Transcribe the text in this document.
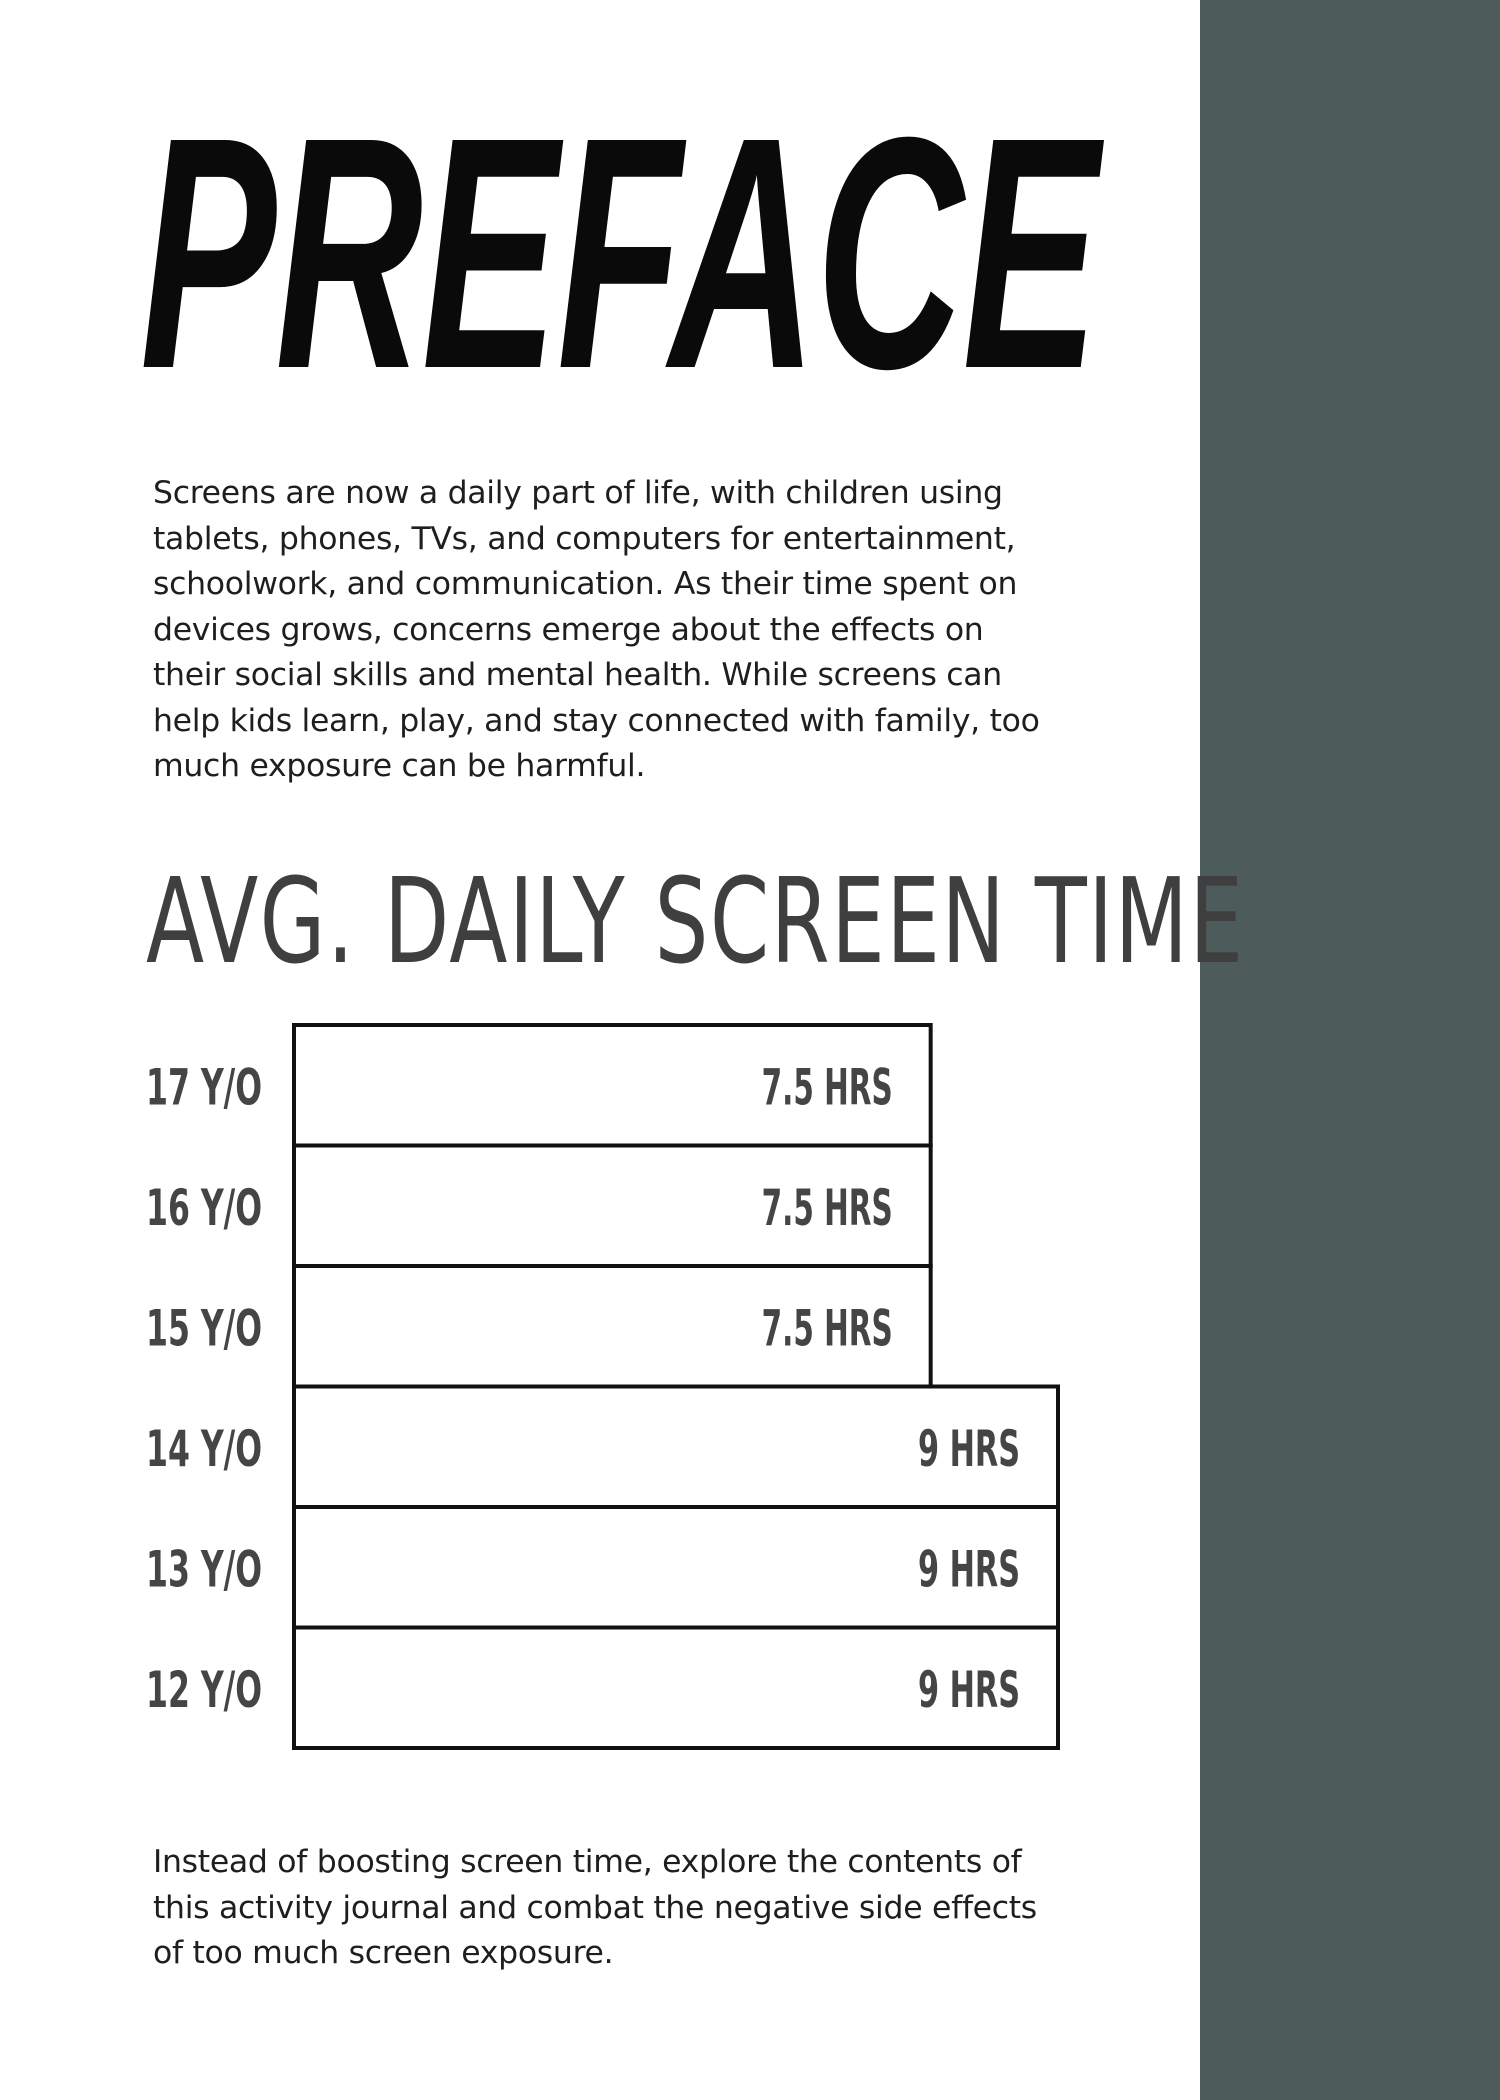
PREFACE

Screens are now a daily part of life, with children using tablets, phones, TVs, and computers for entertainment, schoolwork, and communication. As their time spent on devices grows, concerns emerge about the effects on their social skills and mental health. While screens can help kids learn, play, and stay connected with family, too much exposure can be harmful.

AVG. DAILY SCREEN TIME
17 Y/O	7.5 HRS
16 Y/O	7.5 HRS
15 Y/O	7.5 HRS
14 Y/O	9 HRS
13 Y/O	9 HRS
12 Y/O	9 HRS

Instead of boosting screen time, explore the contents of this activity journal and combat the negative side effects of too much screen exposure.
